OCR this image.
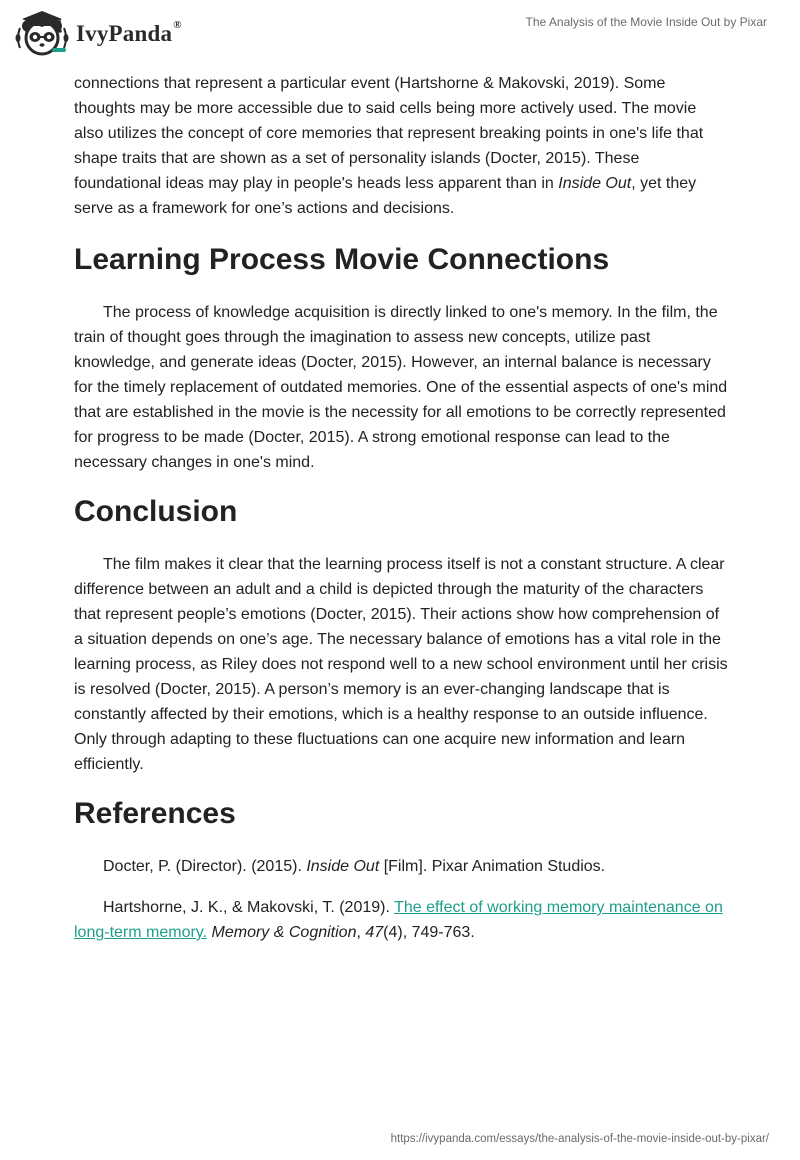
IvyPanda®	The Analysis of the Movie Inside Out by Pixar

connections that represent a particular event (Hartshorne & Makovski, 2019). Some thoughts may be more accessible due to said cells being more actively used. The movie also utilizes the concept of core memories that represent breaking points in one's life that shape traits that are shown as a set of personality islands (Docter, 2015). These foundational ideas may play in people's heads less apparent than in Inside Out, yet they serve as a framework for one’s actions and decisions.

Learning Process Movie Connections

The process of knowledge acquisition is directly linked to one's memory. In the film, the train of thought goes through the imagination to assess new concepts, utilize past knowledge, and generate ideas (Docter, 2015). However, an internal balance is necessary for the timely replacement of outdated memories. One of the essential aspects of one's mind that are established in the movie is the necessity for all emotions to be correctly represented for progress to be made (Docter, 2015). A strong emotional response can lead to the necessary changes in one's mind.

Conclusion

The film makes it clear that the learning process itself is not a constant structure. A clear difference between an adult and a child is depicted through the maturity of the characters that represent people’s emotions (Docter, 2015). Their actions show how comprehension of a situation depends on one’s age. The necessary balance of emotions has a vital role in the learning process, as Riley does not respond well to a new school environment until her crisis is resolved (Docter, 2015). A person’s memory is an ever-changing landscape that is constantly affected by their emotions, which is a healthy response to an outside influence. Only through adapting to these fluctuations can one acquire new information and learn efficiently.

References

Docter, P. (Director). (2015). Inside Out [Film]. Pixar Animation Studios.

Hartshorne, J. K., & Makovski, T. (2019). The effect of working memory maintenance on long-term memory. Memory & Cognition, 47(4), 749-763.

https://ivypanda.com/essays/the-analysis-of-the-movie-inside-out-by-pixar/
